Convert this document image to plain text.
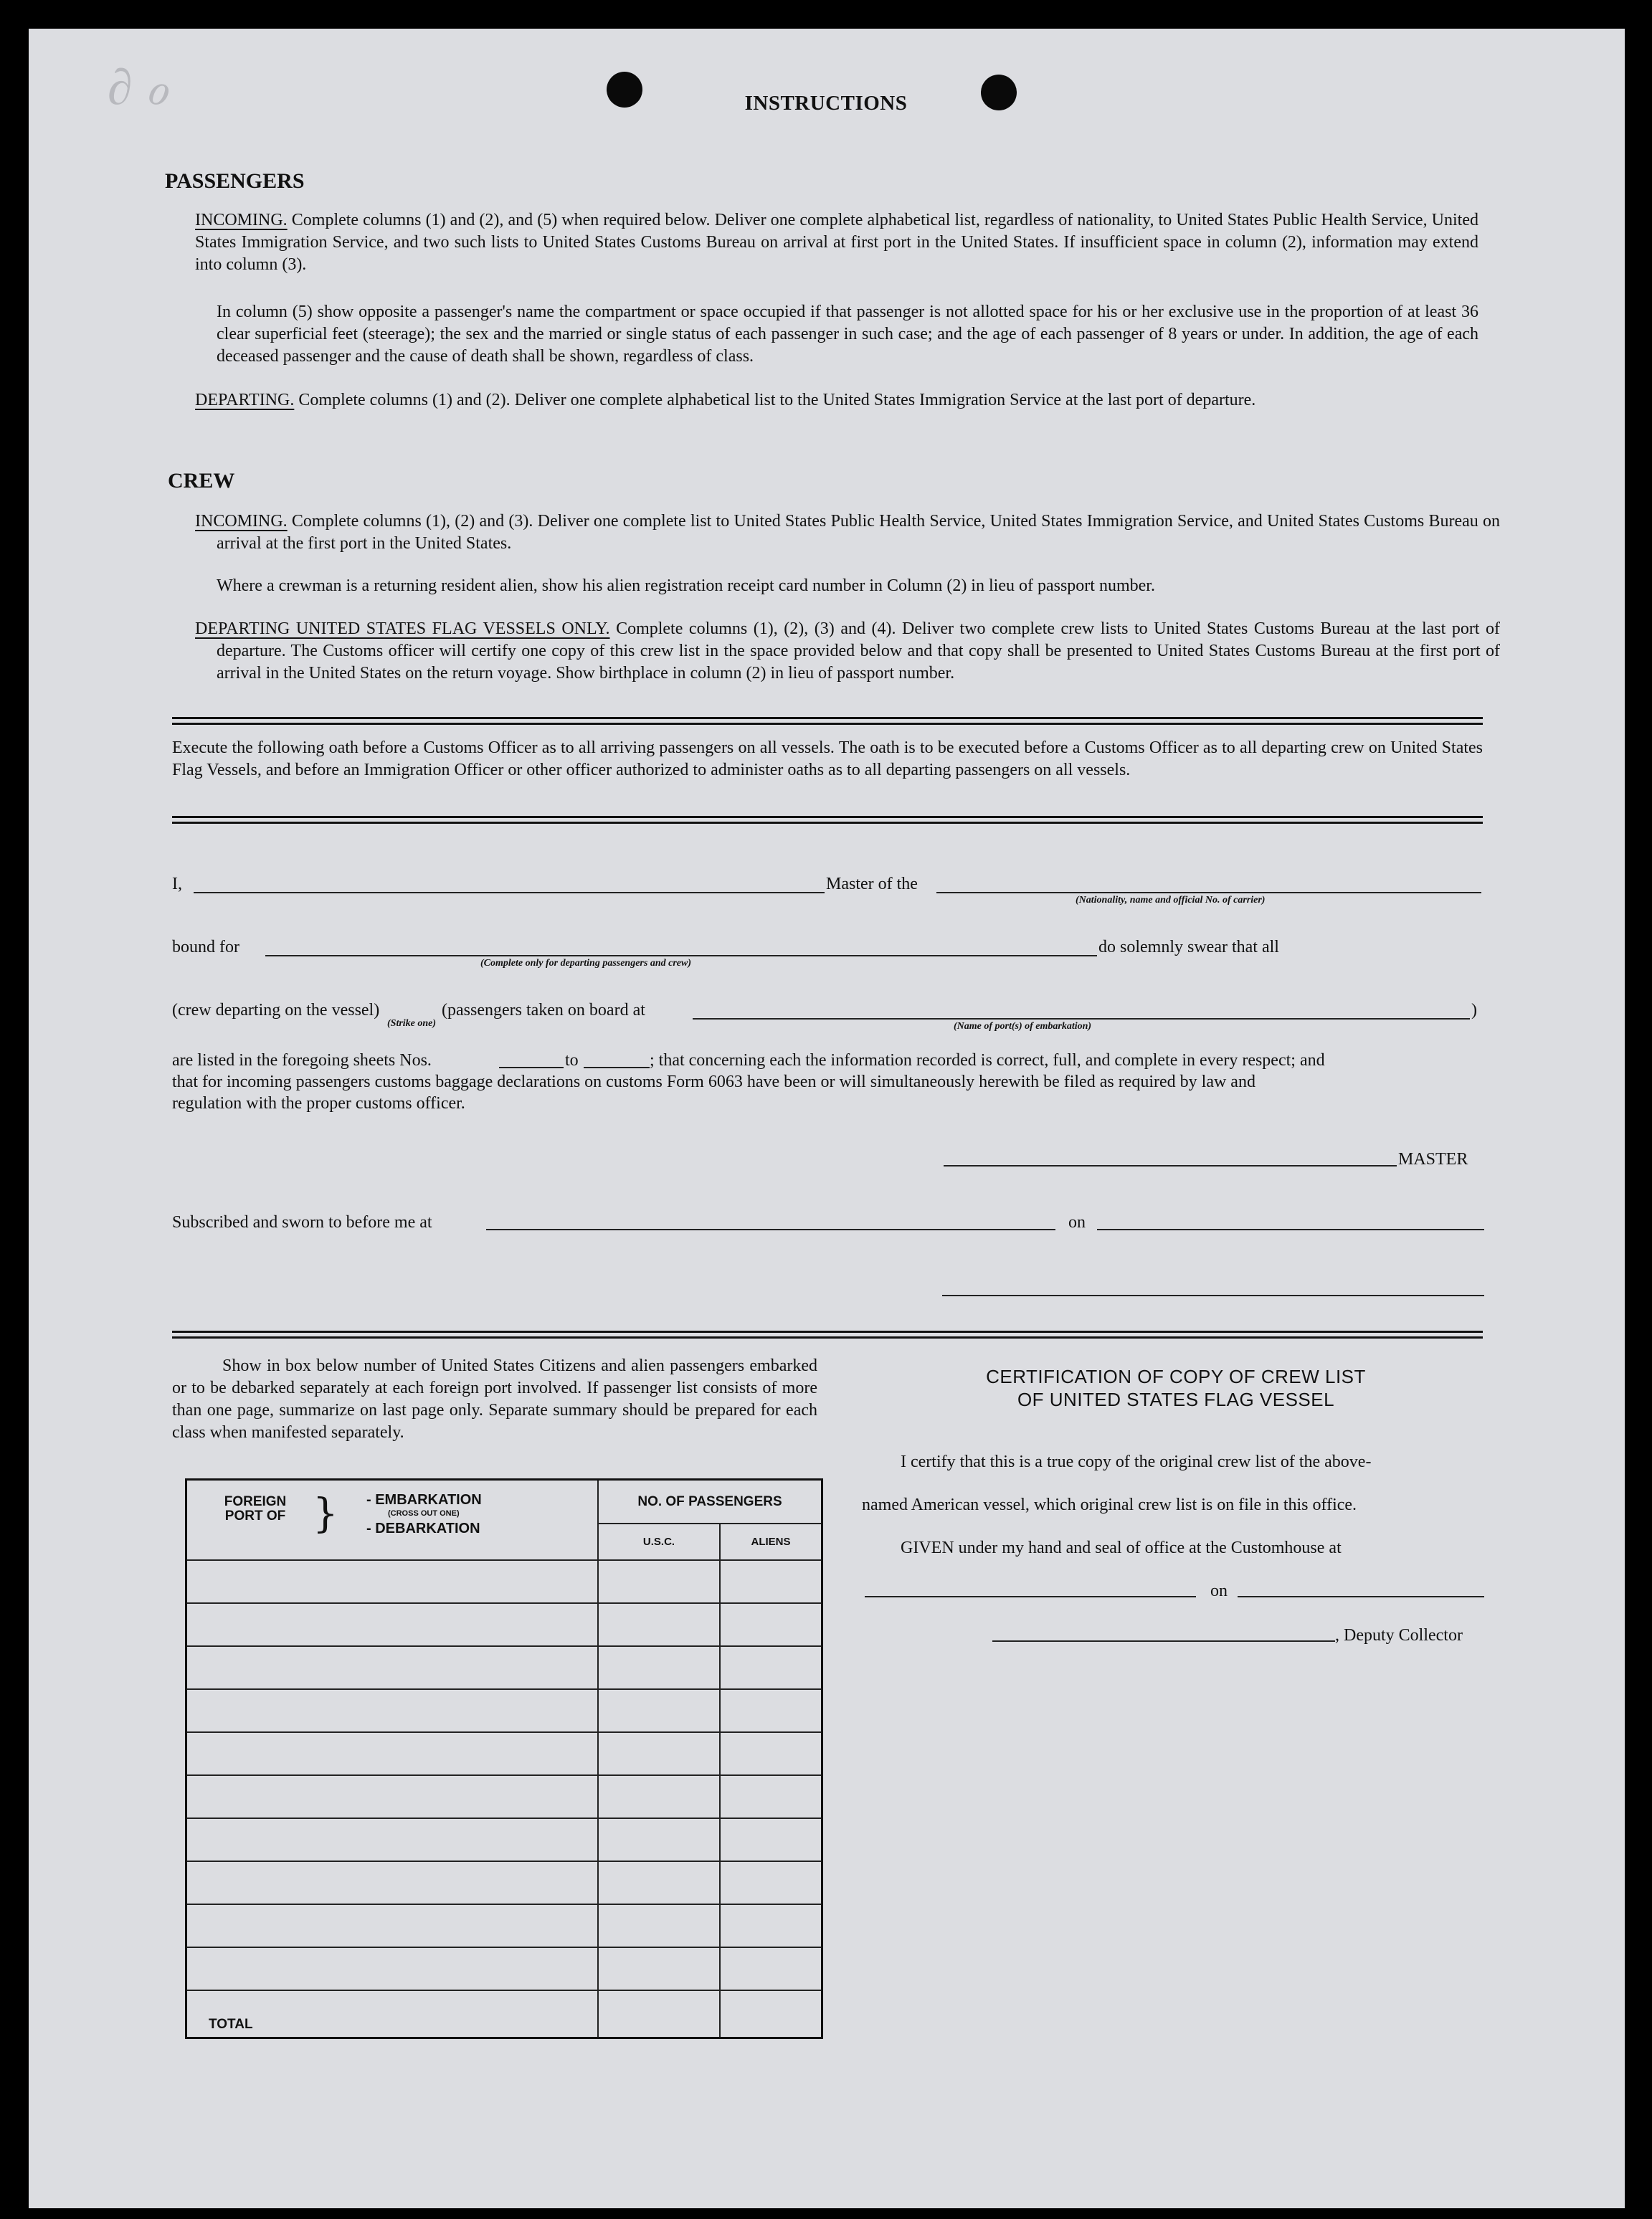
∂ ℴ	INSTRUCTIONS
PASSENGERS
INCOMING. Complete columns (1) and (2), and (5) when required below. Deliver one complete alphabetical list, regardless of nationality, to United States Public Health Service, United States Immigration Service, and two such lists to United States Customs Bureau on arrival at first port in the United States. If insufficient space in column (2), information may extend into column (3).
In column (5) show opposite a passenger's name the compartment or space occupied if that passenger is not allotted space for his or her exclusive use in the proportion of at least 36 clear superficial feet (steerage); the sex and the married or single status of each passenger in such case; and the age of each passenger of 8 years or under. In addition, the age of each deceased passenger and the cause of death shall be shown, regardless of class.
DEPARTING. Complete columns (1) and (2). Deliver one complete alphabetical list to the United States Immigration Service at the last port of departure.
CREW
INCOMING. Complete columns (1), (2) and (3). Deliver one complete list to United States Public Health Service, United States Immigration Service, and United States Customs Bureau on arrival at the first port in the United States.
Where a crewman is a returning resident alien, show his alien registration receipt card number in Column (2) in lieu of passport number.
DEPARTING UNITED STATES FLAG VESSELS ONLY. Complete columns (1), (2), (3) and (4). Deliver two complete crew lists to United States Customs Bureau at the last port of departure. The Customs officer will certify one copy of this crew list in the space provided below and that copy shall be presented to United States Customs Bureau at the first port of arrival in the United States on the return voyage. Show birthplace in column (2) in lieu of passport number.
Execute the following oath before a Customs Officer as to all arriving passengers on all vessels. The oath is to be executed before a Customs Officer as to all departing crew on United States Flag Vessels, and before an Immigration Officer or other officer authorized to administer oaths as to all departing passengers on all vessels.
I,	Master of the
(Nationality, name and official No. of carrier)
bound for
(Complete only for departing passengers and crew)
do solemnly swear that all
(crew departing on the vessel)
(Strike one)
(passengers taken on board at	)
(Name of port(s) of embarkation)
are listed in the foregoing sheets Nos.	to	; that concerning each the information recorded is correct, full, and complete in every respect; and
that for incoming passengers customs baggage declarations on customs Form 6063 have been or will simultaneously herewith be filed as required by law and
regulation with the proper customs officer.
MASTER
Subscribed and sworn to before me at	on
Show in box below number of United States Citizens and alien passengers embarked or to be debarked separately at each foreign port involved. If passenger list consists of more than one page, summarize on last page only. Separate summary should be prepared for each class when manifested separately.
FOREIGN PORT OF } - EMBARKATION
(CROSS OUT ONE)
- DEBARKATION	NO. OF PASSENGERS	
	U.S.C.	ALIENS

TOTAL		
CERTIFICATION OF COPY OF CREW LIST
OF UNITED STATES FLAG VESSEL
I certify that this is a true copy of the original crew list of the above-
named American vessel, which original crew list is on file in this office.
GIVEN under my hand and seal of office at the Customhouse at
on
, Deputy Collector
